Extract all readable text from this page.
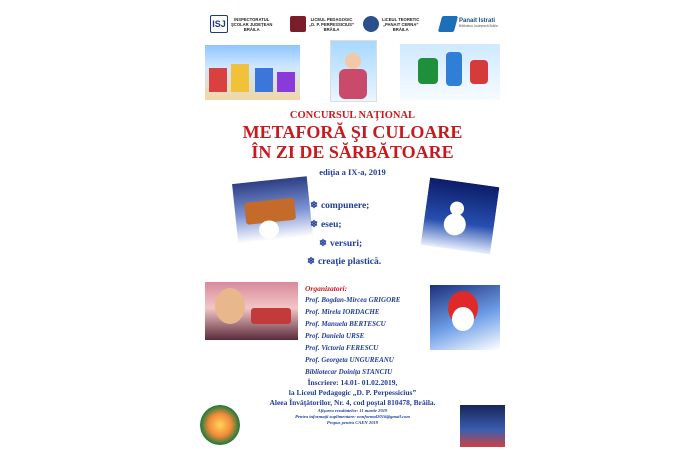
ISJ	INSPECTORATUL
ŞCOLAR JUDEŢEAN
BRĂILA
LICEUL PEDAGOGIC
„D. P. PERPESSICIUS”
BRĂILA
LICEUL TEORETIC
„PANAIT CERNA”
BRĂILA
Panait Istrati
Biblioteca Judeţeană Brăila
CONCURSUL NAŢIONAL
METAFORĂ ŞI CULOARE
ÎN ZI DE SĂRBĂTOARE
ediţia a IX-a, 2019
❄ compunere;
❄ eseu;
❄ versuri;
❄ creaţie plastică.
Organizatori:
Prof. Bogdan-Mircea GRIGORE
Prof. Mirela IORDACHE
Prof. Manuela BERTESCU
Prof. Daniela URSE
Prof. Victoria FERESCU
Prof. Georgeta UNGUREANU
Bibliotecar Doiniţa STANCIU
Înscriere: 14.01- 01.02.2019,
la Liceul Pedagogic „D. P. Perpessicius”
Aleea Învăţătorilor, Nr. 4, cod poştal 810478, Brăila.
Afişarea rezultatelor: 11 martie 2019
Pentru informaţii suplimentare: nonformal2016@gmail.com
Propus pentru CAEN 2019
